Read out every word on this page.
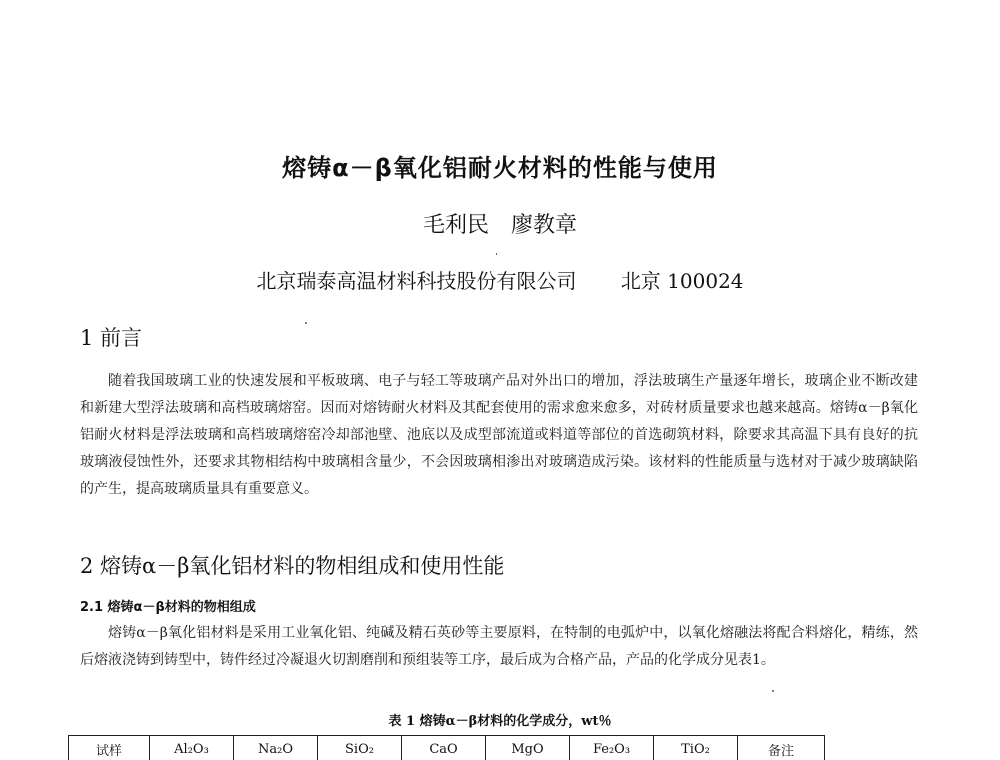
熔铸α－β氧化铝耐火材料的性能与使用
毛利民　廖教章
北京瑞泰高温材料科技股份有限公司 北京 100024
1 前言

随着我国玻璃工业的快速发展和平板玻璃、电子与轻工等玻璃产品对外出口的增加，浮法玻璃生产量逐年增长，玻璃企业不断改建和新建大型浮法玻璃和高档玻璃熔窑。因而对熔铸耐火材料及其配套使用的需求愈来愈多，对砖材质量要求也越来越高。熔铸α－β氧化铝耐火材料是浮法玻璃和高档玻璃熔窑冷却部池壁、池底以及成型部流道或料道等部位的首选砌筑材料，除要求其高温下具有良好的抗玻璃液侵蚀性外，还要求其物相结构中玻璃相含量少，不会因玻璃相渗出对玻璃造成污染。该材料的性能质量与选材对于减少玻璃缺陷的产生，提高玻璃质量具有重要意义。

2 熔铸α－β氧化铝材料的物相组成和使用性能
2.1 熔铸α－β材料的物相组成

熔铸α－β氧化铝材料是采用工业氧化铝、纯碱及精石英砂等主要原料，在特制的电弧炉中，以氧化熔融法将配合料熔化，精练，然后熔液浇铸到铸型中，铸件经过冷凝退火切割磨削和预组装等工序，最后成为合格产品，产品的化学成分见表1。

表 1 熔铸α－β材料的化学成分，wt％
试样	Al₂O₃	Na₂O	SiO₂	CaO	MgO	Fe₂O₃	TiO₂	备注
